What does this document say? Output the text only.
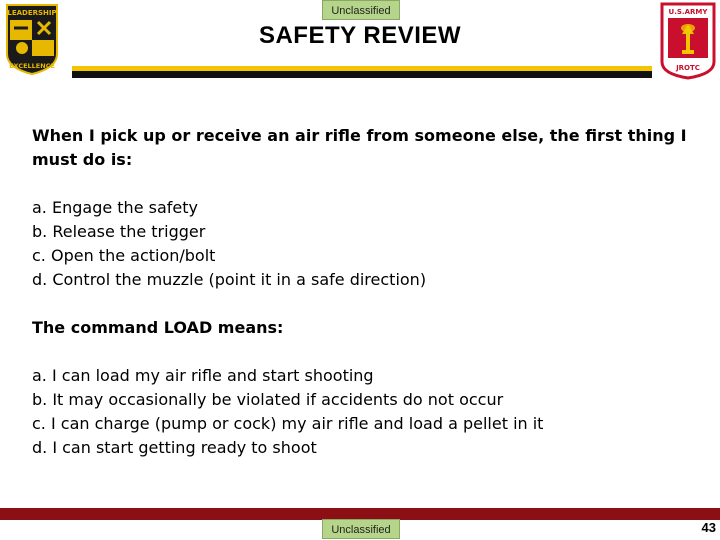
Unclassified
LEADERSHIP
EXCELLENCE
SAFETY REVIEW
U.S.ARMY
JROTC
When I pick up or receive an air rifle from someone else, the first thing I must do is:
a. Engage the safety
b. Release the trigger
c. Open the action/bolt
d. Control the muzzle (point it in a safe direction)
The command LOAD means:
a. I can load my air rifle and start shooting
b. It may occasionally be violated if accidents do not occur
c. I can charge (pump or cock) my air rifle and load a pellet in it
d. I can start getting ready to shoot
Unclassified	43
